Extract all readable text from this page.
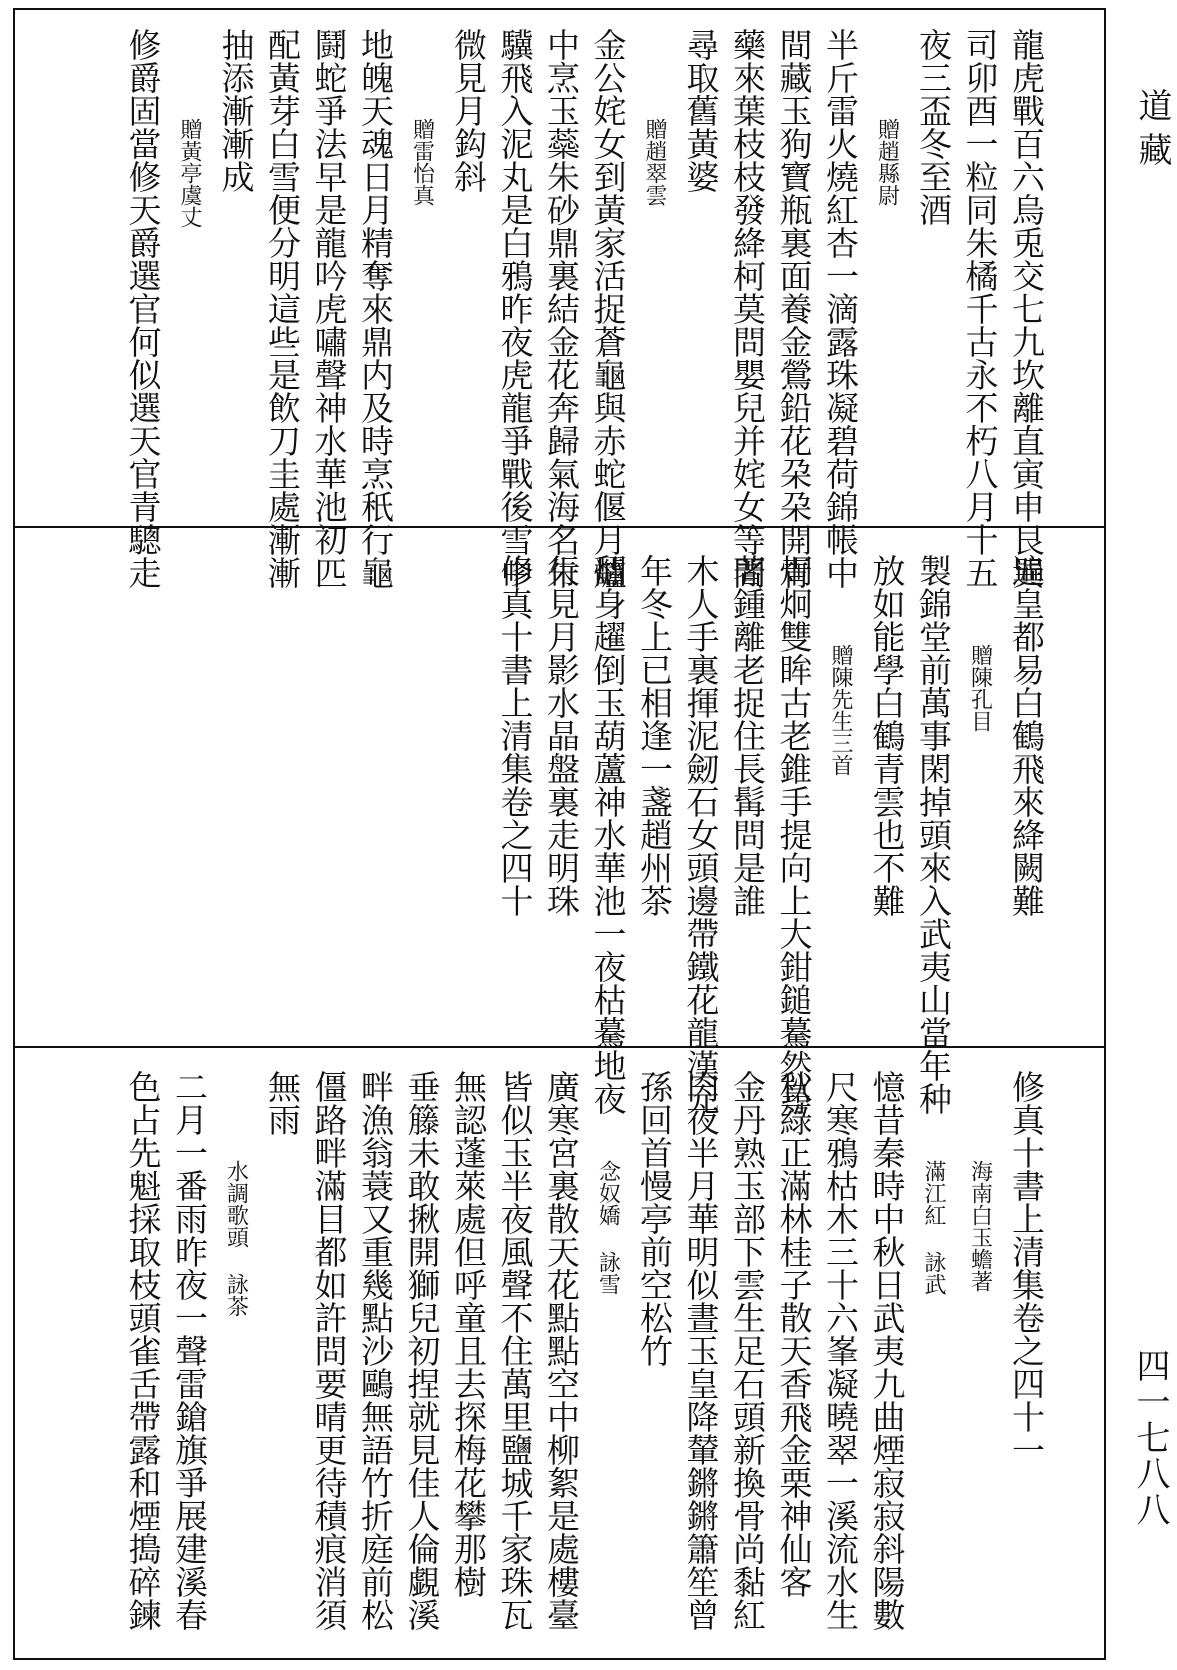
龍虎戰百六烏兎交七九坎離直寅申艮巽
司卯酉一粒同朱橘千古永不朽八月十五
夜三盃冬至酒
贈趙縣尉
半斤雷火燒紅杏一滴露珠凝碧荷錦帳中
間藏玉狗寶瓶裏面養金鶯鉛花朶朶開青
藥來葉枝枝發絳柯莫問嬰兒并姹女等閒
尋取舊黃婆
贈趙翠雲
金公姹女到黃家活捉蒼龜與赤蛇偃月爐
中烹玉蘂朱砂鼎裏結金花奔歸氣海名朱
驥飛入泥丸是白鴉昨夜虎龍爭戰後雪中
微見月鈎斜
贈雷怡真
地魄天魂日月精奪來鼎内及時烹秖行龜
鬪蛇爭法早是龍吟虎嘯聲神水華池初匹
配黃芽白雪便分明這些是飲刀圭處漸漸
抽添漸漸成
贈黃亭虞丈
修爵固當修天爵選官何似選天官青驄走
遍皇都易白鶴飛來絳闕難
贈陳孔目
製錦堂前萬事閑掉頭來入武夷山當年种
放如能學白鶴青雲也不難
贈陳先生三首
炯炯雙眸古老錐手提向上大鉗鎚驀然尋
著鍾離老捉住長髯問是誰
木人手裏揮泥劒石女頭邊帶鐵花龍漢元
年冬上已相逢一盞趙州茶
翻身趯倒玉葫蘆神水華池一夜枯驀地夜
行見月影水晶盤裏走明珠
修真十書上清集卷之四十
修真十書上清集卷之四十一
海南白玉蟾著
滿江紅 詠武
憶昔秦時中秋日武夷九曲煙寂寂斜陽數
尺寒鴉枯木三十六峯凝曉翠一溪流水生
秋綠正滿林桂子散天香飛金栗神仙客
金丹熟玉部下雲生足石頭新換骨尚黏紅
肉夜半月華明似晝玉皇降輦鏘鏘簫笙曾
孫回首慢亭前空松竹
念奴嬌 詠雪
廣寒宮裏散天花點點空中柳絮是處樓臺
皆似玉半夜風聲不住萬里鹽城千家珠瓦
無認蓬萊處但呼童且去探梅花攀那樹
垂籐未敢揪開獅兒初捏就見佳人倫覷溪
畔漁翁蓑又重幾點沙鷗無語竹折庭前松
僵路畔滿目都如許問要晴更待積痕消須
無雨
水調歌頭 詠茶
二月一番雨昨夜一聲雷鎗旗爭展建溪春
色占先魁採取枝頭雀舌帶露和煙搗碎鍊
道藏
四一七八八
